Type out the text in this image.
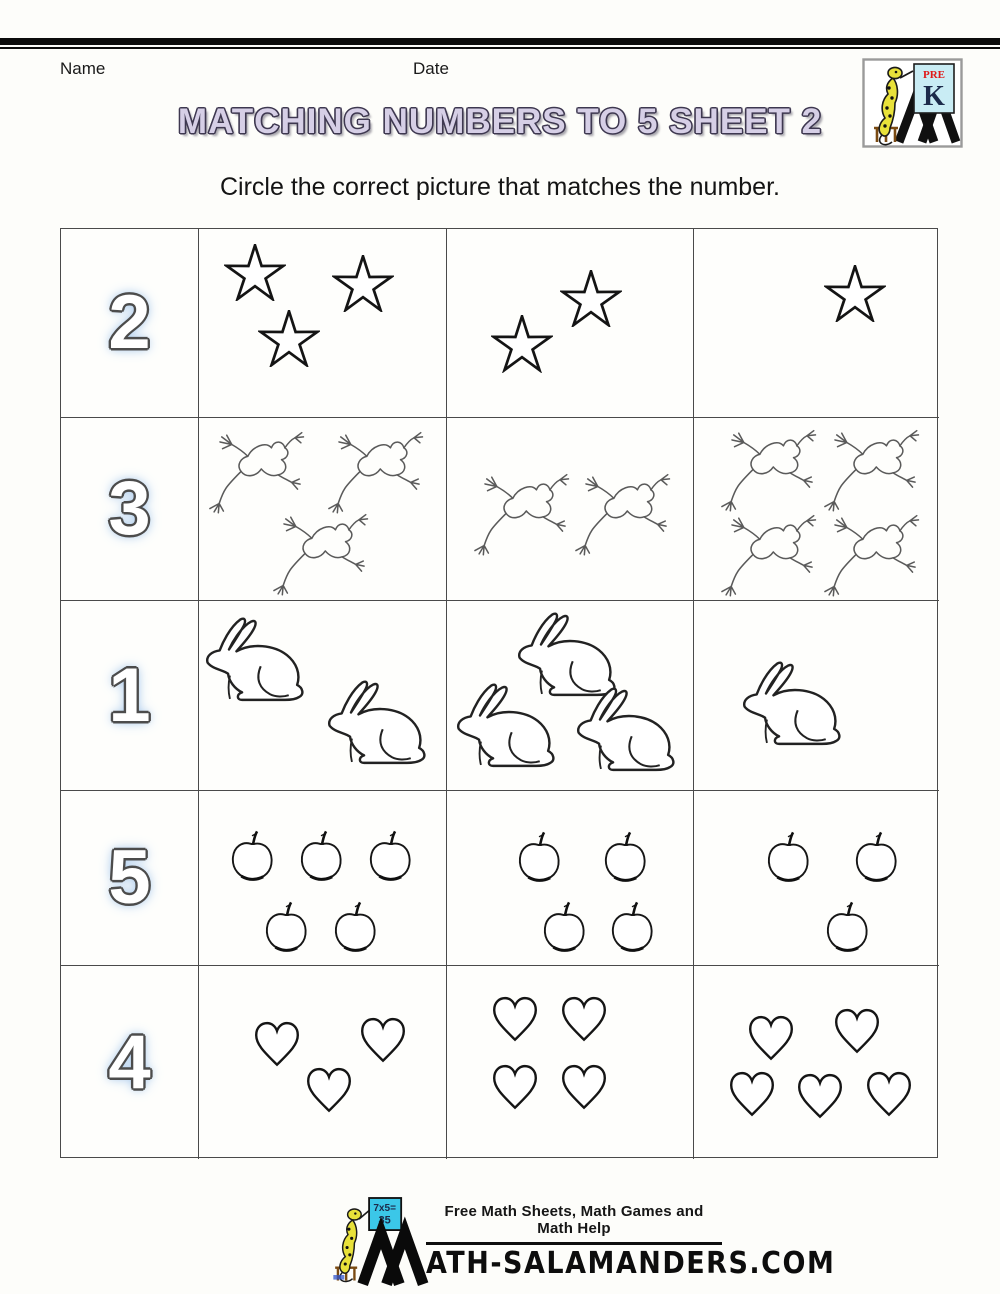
Name	Date	PRE
K
MATCHING NUMBERS TO 5 SHEET 2
Circle the correct picture that matches the number.
2
3
1
5
4
7x5=
35
Free Math Sheets, Math Games and Math Help
ATH-SALAMANDERS.COM
